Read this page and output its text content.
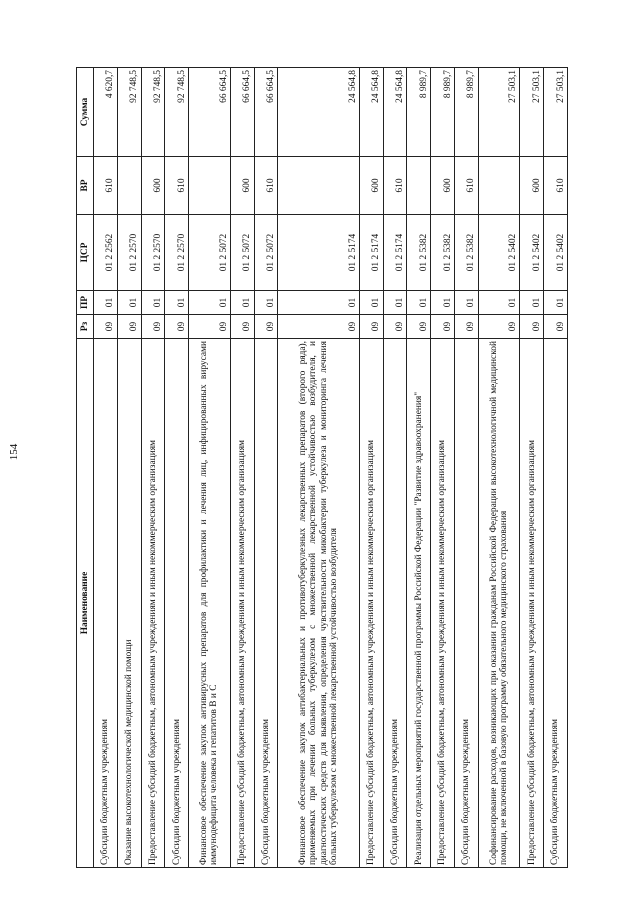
154
Наименование	Рз	ПР	ЦСР	ВР	Сумма
Субсидии бюджетным учреждениям	09	01	01 2 2562	610	4 620,7
Оказание высокотехнологической медицинской помощи	09	01	01 2 2570		92 748,5
Предоставление субсидий бюджетным, автономным учреждениям и иным некоммерческим организациям	09	01	01 2 2570	600	92 748,5
Субсидии бюджетным учреждениям	09	01	01 2 2570	610	92 748,5
Финансовое обеспечение закупок антивирусных препаратов для профилактики и лечения лиц, инфицированных вирусами иммунодефицита человека и гепатитов В и С	09	01	01 2 5072		66 664,5
Предоставление субсидий бюджетным, автономным учреждениям и иным некоммерческим организациям	09	01	01 2 5072	600	66 664,5
Субсидии бюджетным учреждениям	09	01	01 2 5072	610	66 664,5
Финансовое обеспечение закупок антибактериальных и противотуберкулезных лекарственных препаратов (второго ряда), применяемых при лечении больных туберкулезом с множественной лекарственной устойчивостью возбудителя, и диагностических средств для выявления, определения чувствительности микобактерии туберкулеза и мониторинга лечения больных туберкулезом с множественной лекарственной устойчивостью возбудителя	09	01	01 2 5174		24 564,8
Предоставление субсидий бюджетным, автономным учреждениям и иным некоммерческим организациям	09	01	01 2 5174	600	24 564,8
Субсидии бюджетным учреждениям	09	01	01 2 5174	610	24 564,8
Реализация отдельных мероприятий государственной программы Российской Федерации "Развитие здравоохранения"	09	01	01 2 5382		8 989,7
Предоставление субсидий бюджетным, автономным учреждениям и иным некоммерческим организациям	09	01	01 2 5382	600	8 989,7
Субсидии бюджетным учреждениям	09	01	01 2 5382	610	8 989,7
Софинансирование расходов, возникающих при оказании гражданам Российской Федерации высокотехнологичной медицинской помощи, не включенной в базовую программу обязательного медицинского страхования	09	01	01 2 5402		27 503,1
Предоставление субсидий бюджетным, автономным учреждениям и иным некоммерческим организациям	09	01	01 2 5402	600	27 503,1
Субсидии бюджетным учреждениям	09	01	01 2 5402	610	27 503,1
